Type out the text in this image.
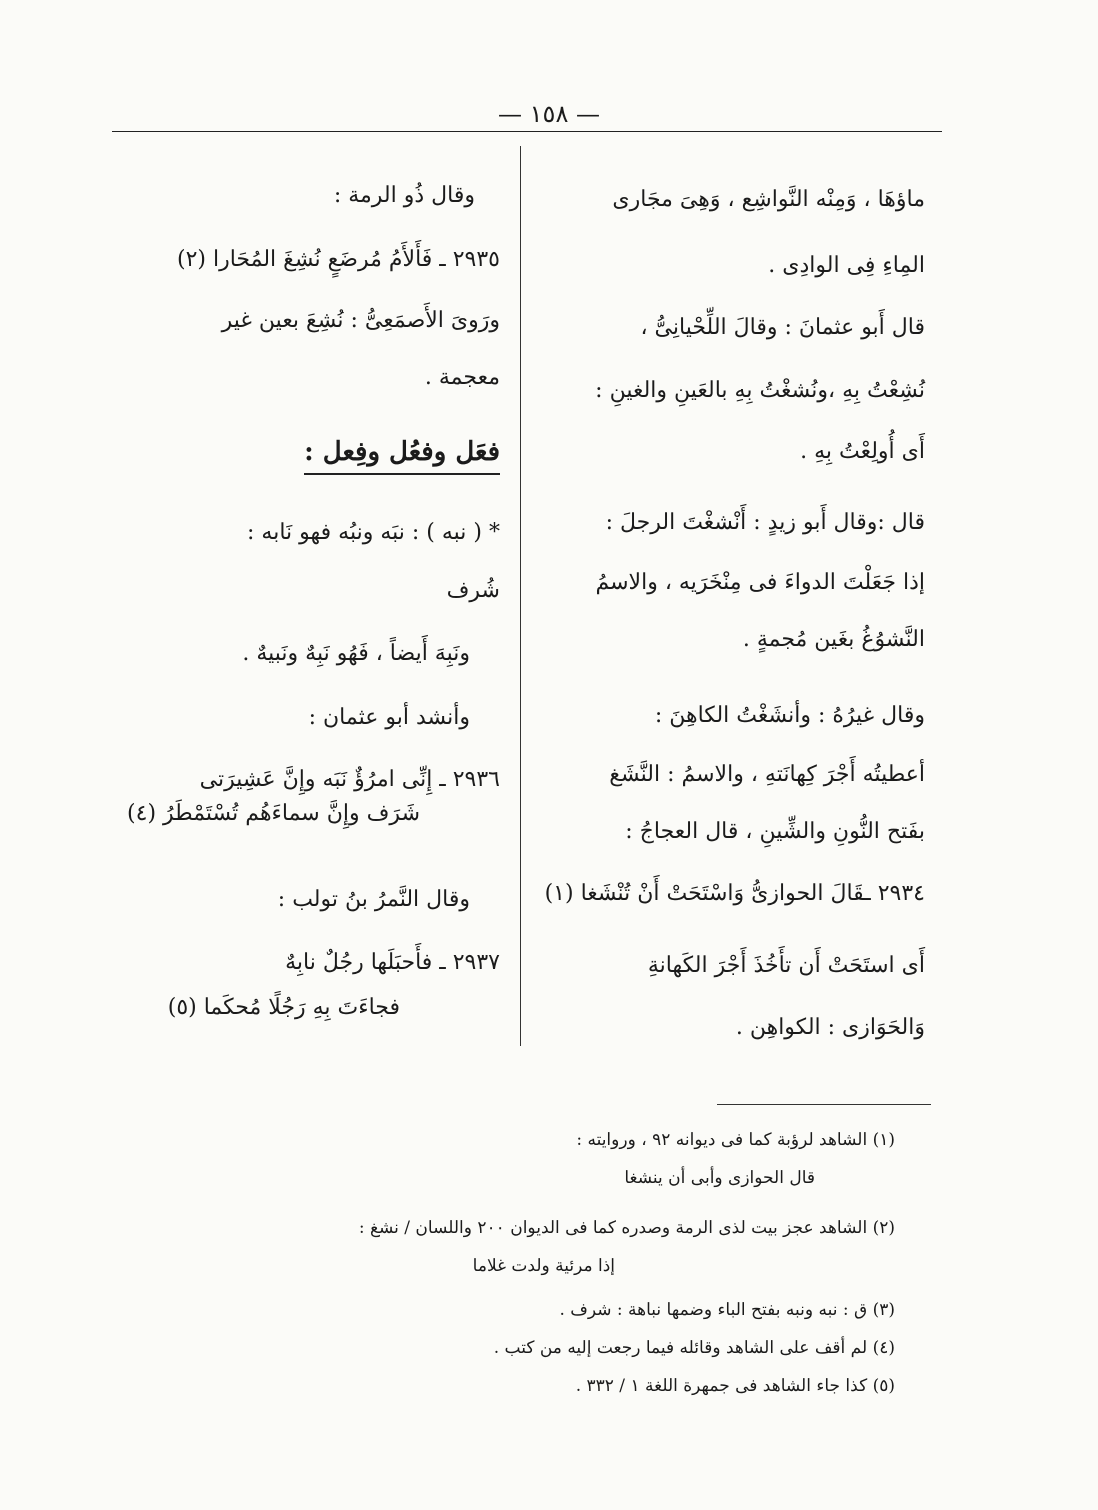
— ١٥٨ —
ماؤهَا ، وَمِنْه النَّواشِع ، وَهِىَ مجَارى
المِاءِ فِى الوادِى .
قال أَبو عثمانَ : وقالَ اللِّحْيانِىُّ ،
نُشِعْتُ بِهِ ،ونُشغْتُ بِهِ بالعَينِ والغينِ :
أَى أُولِعْتُ بِهِ .
قال :وقال أَبو زيدٍ : أَنْشغْتَ الرجلَ :
إذا جَعَلْتَ الدواءَ فى مِنْخَرَيه ، والاسمُ
النَّشوُغُ بغَين مُجمةٍ .
وقال غيرُهُ : وأنشَغْتُ الكاهِنَ :
أعطيتُه أَجْرَ كِهانَتهِ ، والاسمُ : النَّشَغ
بفَتح النُّونِ والشِّينِ ، قال العجاجُ :
٢٩٣٤ ـقَالَ الحوازىُّ وَاسْتَحَتْ أَنْ تُنْشَغا (١)
أَى استَحَتْ أَن تأَخُذَ أَجْرَ الكَهانةِ
وَالحَوَازى : الكواهِن .
وقال ذُو الرمة :
٢٩٣٥ ـ فَأَلأَمُ مُرضَعٍ نُشِغَ المُحَارا (٢)
ورَوىَ الأَصمَعِىُّ : نُشِعَ بعين غير
معجمة .
فعَل وفعُل وفِعل :
* ( نبه ) : نبَه ونبُه فهو نَابه :
شُرف
ونَبِهَ أَيضاً ، فَهُو نَبِهٌ ونَبيهٌ .
وأنشد أبو عثمان :
٢٩٣٦ ـ إِنِّى امرُؤٌ نَبَه وإِنَّ عَشِيرَتى
شَرَف وإِنَّ سماءَهُم تُسْتَمْطَرُ (٤)
وقال النَّمرُ بنُ تولب :
٢٩٣٧ ـ فأَحبَلَها رجُلٌ نابِهٌ
فجاءَتَ بِهِ رَجُلًا مُحكَما (٥)
(١) الشاهد لرؤبة كما فى ديوانه ٩٢ ، وروايته :
قال الحوازى وأبى أن ينشغا
(٢) الشاهد عجز بيت لذى الرمة وصدره كما فى الديوان ٢٠٠ واللسان / نشغ :
إذا مرئية ولدت غلاما
(٣) ق : نبه ونبه بفتح الباء وضمها نباهة : شرف .
(٤) لم أقف على الشاهد وقائله فيما رجعت إليه من كتب .
(٥) كذا جاء الشاهد فى جمهرة اللغة ١ / ٣٣٢ .
